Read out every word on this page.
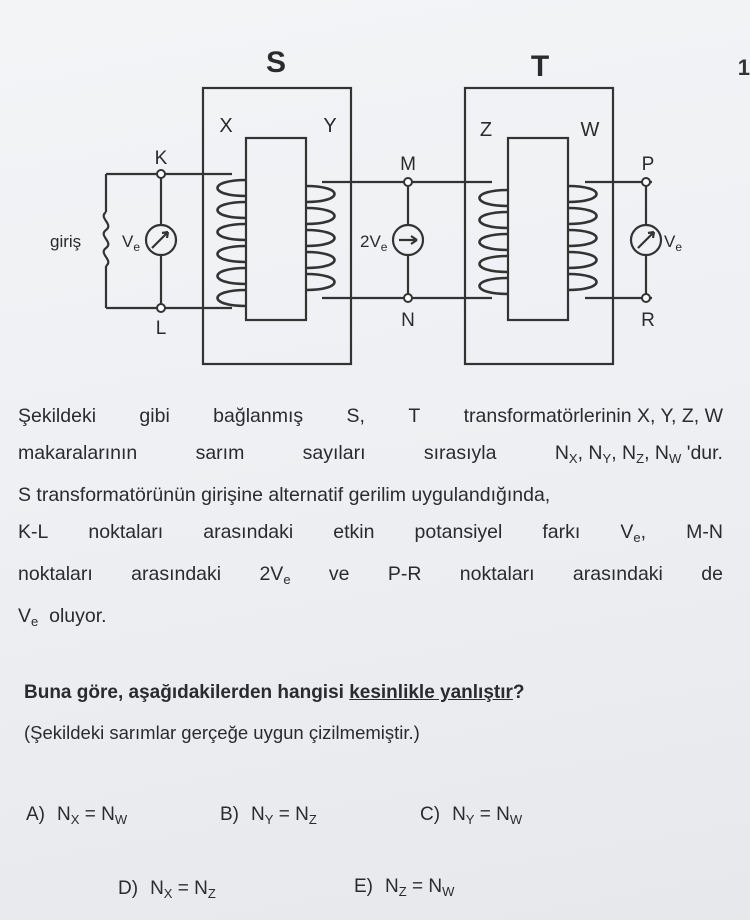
1
S	T
X	Y	Z	W
K
L
M
N
P
R
giriş $V_e$	$2V_e$	$V_e$
Şekildeki gibi bağlanmış S, T transformatörlerinin X, Y, Z, W
makaralarının	sarım	sayıları	sırasıyla	$N_X$, $N_Y$, $N_Z$, $N_W$ 'dur.
S transformatörünün girişine alternatif gerilim uygulandığında,
K-L noktaları arasındaki etkin potansiyel farkı $V_e$, M-N
noktaları arasındaki $2V_e$ ve P-R noktaları arasındaki de
$V_e$ oluyor.
Buna göre, aşağıdakilerden hangisi kesinlikle yanlıştır?
(Şekildeki sarımlar gerçeğe uygun çizilmemiştir.)
A) $N_X = N_W$	B) $N_Y = N_Z$	C) $N_Y = N_W$
D) $N_X = N_Z$	E) $N_Z = N_W$
